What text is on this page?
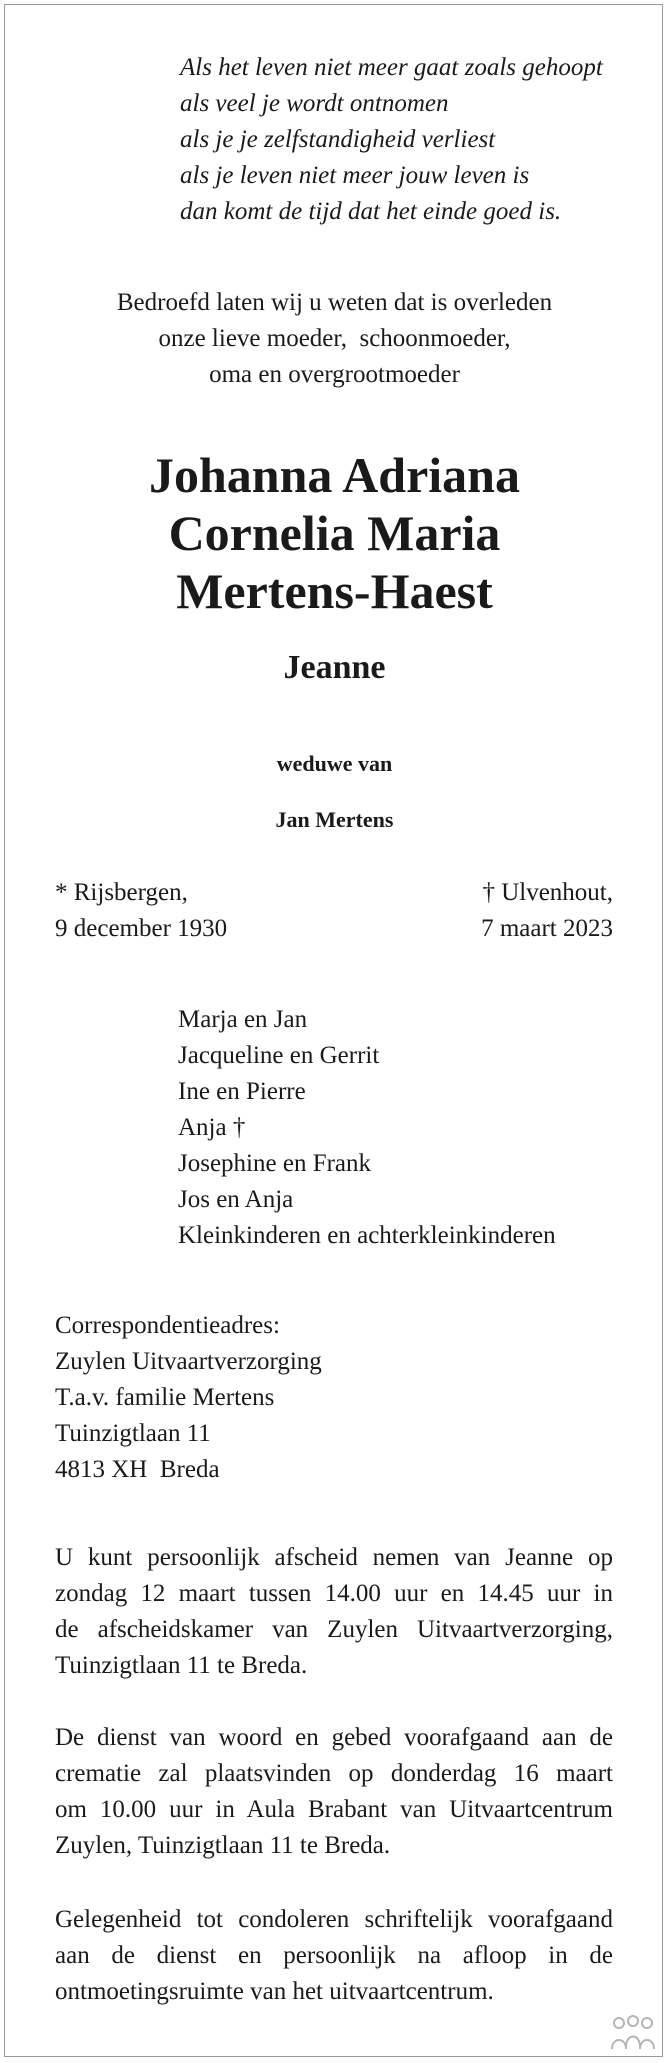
Als het leven niet meer gaat zoals gehoopt
als veel je wordt ontnomen
als je je zelfstandigheid verliest
als je leven niet meer jouw leven is
dan komt de tijd dat het einde goed is.
Bedroefd laten wij u weten dat is overleden
onze lieve moeder,  schoonmoeder,
oma en overgrootmoeder
Johanna Adriana
Cornelia Maria
Mertens-Haest
Jeanne
weduwe van
Jan Mertens
* Rijsbergen,
9 december 1930
† Ulvenhout,
7 maart 2023
Marja en Jan
Jacqueline en Gerrit
Ine en Pierre
Anja †
Josephine en Frank
Jos en Anja
Kleinkinderen en achterkleinkinderen
Correspondentieadres:
Zuylen Uitvaartverzorging
T.a.v. familie Mertens
Tuinzigtlaan 11
4813 XH  Breda
U kunt persoonlijk afscheid nemen van Jeanne op
zondag 12 maart tussen 14.00 uur en 14.45 uur in
de afscheidskamer van Zuylen Uitvaartverzorging,
Tuinzigtlaan 11 te Breda.
De dienst van woord en gebed voorafgaand aan de
crematie zal plaatsvinden op donderdag 16 maart
om 10.00 uur in Aula Brabant van Uitvaartcentrum
Zuylen, Tuinzigtlaan 11 te Breda.
Gelegenheid tot condoleren schriftelijk voorafgaand
aan de dienst en persoonlijk na afloop in de
ontmoetingsruimte van het uitvaartcentrum.
